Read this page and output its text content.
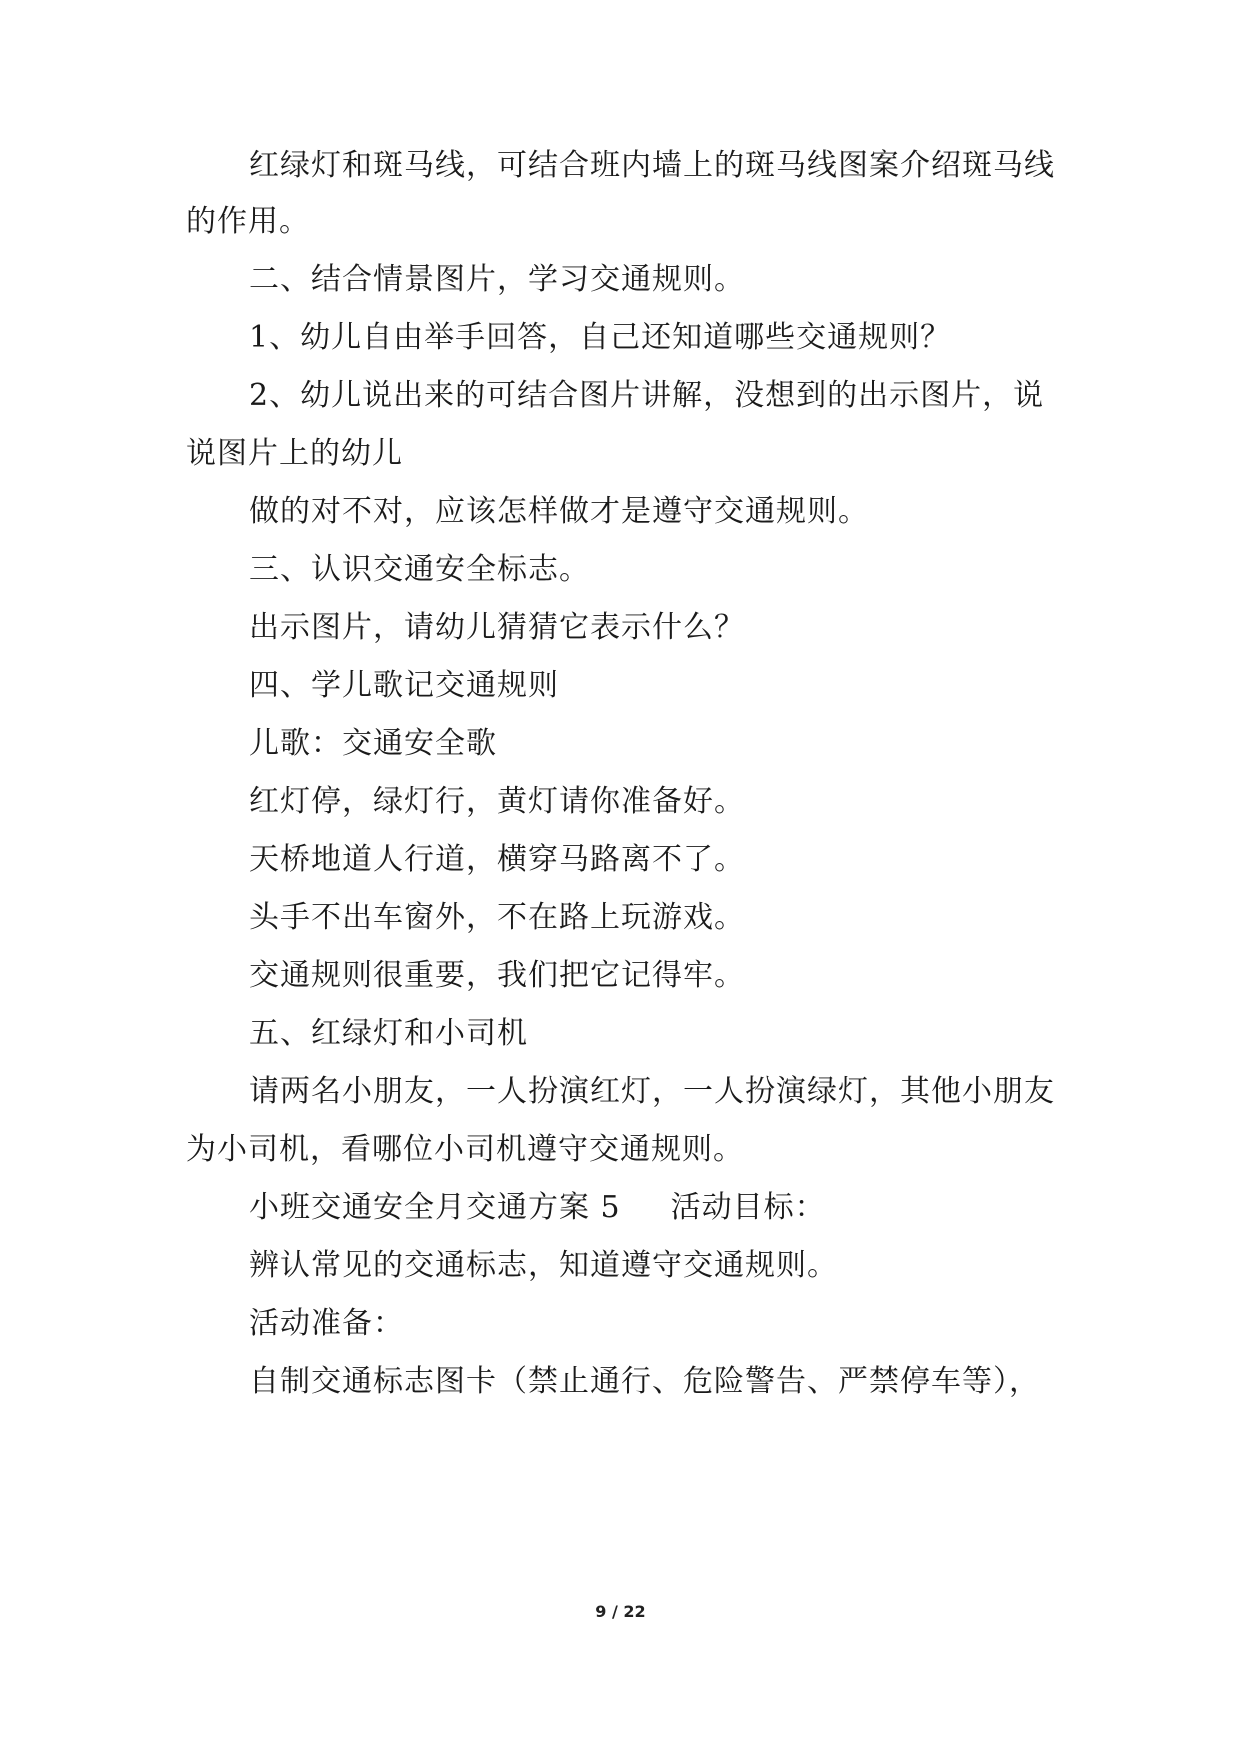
红绿灯和斑马线，可结合班内墙上的斑马线图案介绍斑马线
的作用。
二、结合情景图片，学习交通规则。
1、幼儿自由举手回答，自己还知道哪些交通规则？
2、幼儿说出来的可结合图片讲解，没想到的出示图片，说
说图片上的幼儿
做的对不对，应该怎样做才是遵守交通规则。
三、认识交通安全标志。
出示图片，请幼儿猜猜它表示什么？
四、学儿歌记交通规则
儿歌：交通安全歌
红灯停，绿灯行，黄灯请你准备好。
天桥地道人行道，横穿马路离不了。
头手不出车窗外，不在路上玩游戏。
交通规则很重要，我们把它记得牢。
五、红绿灯和小司机
请两名小朋友，一人扮演红灯，一人扮演绿灯，其他小朋友
为小司机，看哪位小司机遵守交通规则。
小班交通安全月交通方案 5 活动目标：
辨认常见的交通标志，知道遵守交通规则。
活动准备：
自制交通标志图卡（禁止通行、危险警告、严禁停车等），
9 / 22
